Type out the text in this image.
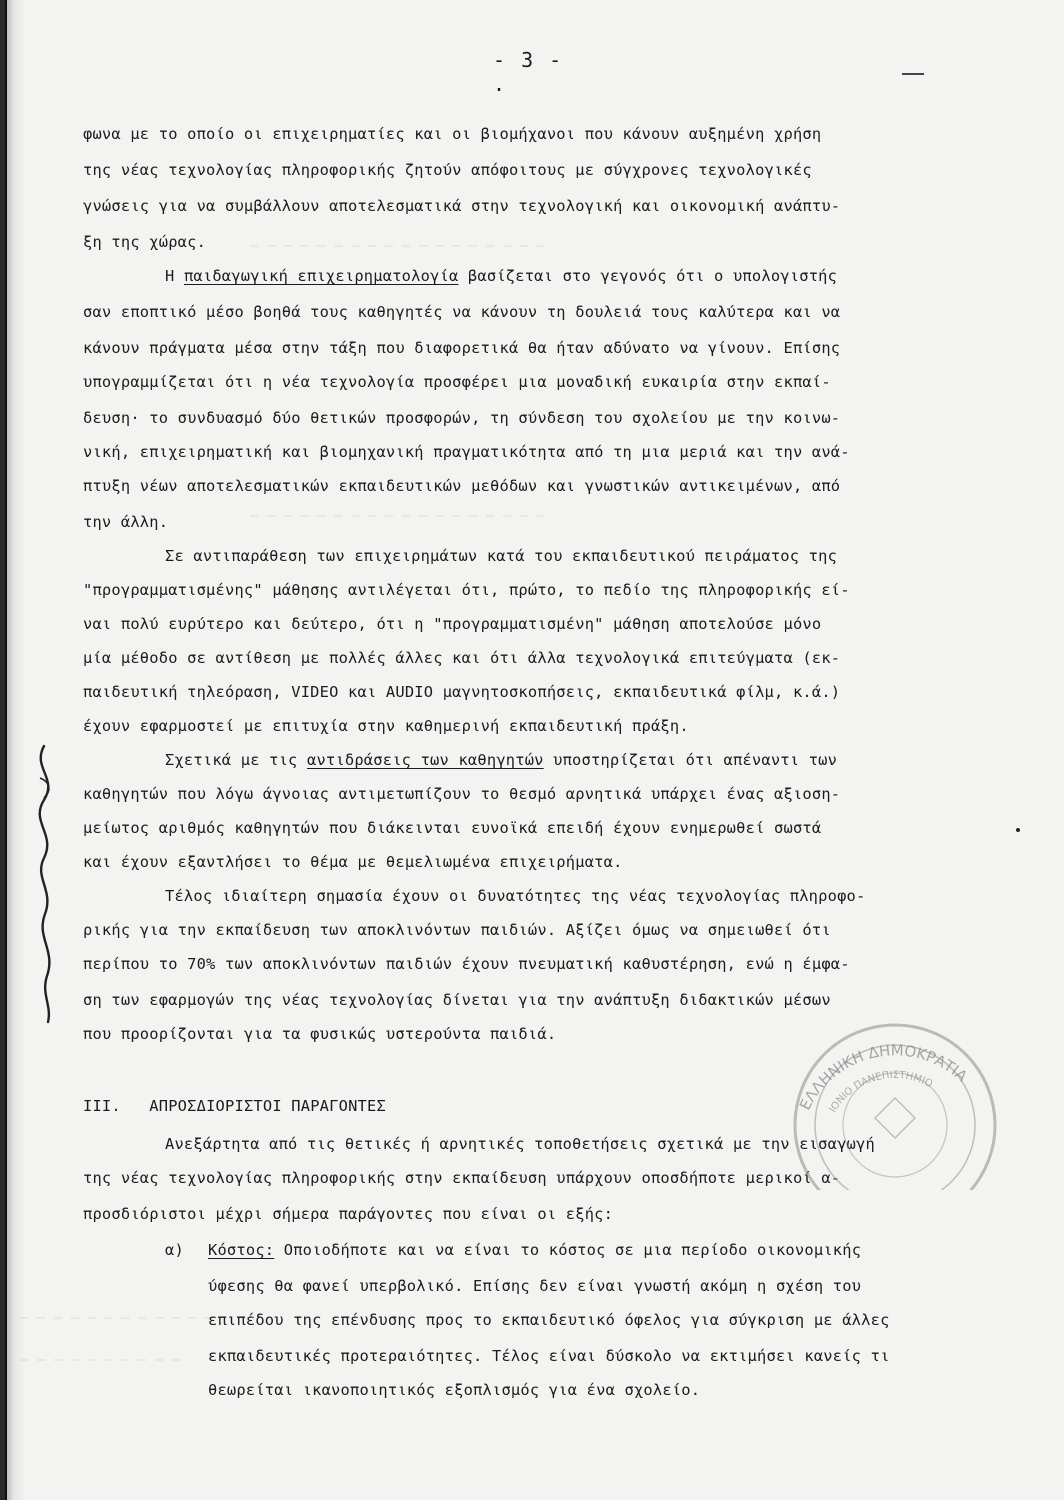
— — — — — — — — — — — — — — — — — —
— — — — — — — — — — — — — — — — — —
— — — — — — — — — — — —
— — — — — — — — — —
- 3 - .
φωνα με το οποίο οι επιχειρηματίες και οι βιομήχανοι που κάνουν αυξημένη χρήση
της νέας τεχνολογίας πληροφορικής ζητούν απόφοιτους με σύγχρονες τεχνολογικές
γνώσεις για να συμβάλλουν αποτελεσματικά στην τεχνολογική και οικονομική ανάπτυ-
ξη της χώρας.
Η παιδαγωγική επιχειρηματολογία βασίζεται στο γεγονός ότι ο υπολογιστής
σαν εποπτικό μέσο βοηθά τους καθηγητές να κάνουν τη δουλειά τους καλύτερα και να
κάνουν πράγματα μέσα στην τάξη που διαφορετικά θα ήταν αδύνατο να γίνουν. Επίσης
υπογραμμίζεται ότι η νέα τεχνολογία προσφέρει μια μοναδική ευκαιρία στην εκπαί-
δευση· το συνδυασμό δύο θετικών προσφορών, τη σύνδεση του σχολείου με την κοινω-
νική, επιχειρηματική και βιομηχανική πραγματικότητα από τη μια μεριά και την ανά-
πτυξη νέων αποτελεσματικών εκπαιδευτικών μεθόδων και γνωστικών αντικειμένων, από
την άλλη.
Σε αντιπαράθεση των επιχειρημάτων κατά του εκπαιδευτικού πειράματος της
"προγραμματισμένης" μάθησης αντιλέγεται ότι, πρώτο, το πεδίο της πληροφορικής εί-
ναι πολύ ευρύτερο και δεύτερο, ότι η "προγραμματισμένη" μάθηση αποτελούσε μόνο
μία μέθοδο σε αντίθεση με πολλές άλλες και ότι άλλα τεχνολογικά επιτεύγματα (εκ-
παιδευτική τηλεόραση, VIDEO και AUDIO μαγνητοσκοπήσεις, εκπαιδευτικά φίλμ, κ.ά.)
έχουν εφαρμοστεί με επιτυχία στην καθημερινή εκπαιδευτική πράξη.
Σχετικά με τις αντιδράσεις των καθηγητών υποστηρίζεται ότι απέναντι των
καθηγητών που λόγω άγνοιας αντιμετωπίζουν το θεσμό αρνητικά υπάρχει ένας αξιοση-
μείωτος αριθμός καθηγητών που διάκεινται ευνοϊκά επειδή έχουν ενημερωθεί σωστά
και έχουν εξαντλήσει το θέμα με θεμελιωμένα επιχειρήματα.
Τέλος ιδιαίτερη σημασία έχουν οι δυνατότητες της νέας τεχνολογίας πληροφο-
ρικής για την εκπαίδευση των αποκλινόντων παιδιών. Αξίζει όμως να σημειωθεί ότι
περίπου το 70% των αποκλινόντων παιδιών έχουν πνευματική καθυστέρηση, ενώ η έμφα-
ση των εφαρμογών της νέας τεχνολογίας δίνεται για την ανάπτυξη διδακτικών μέσων
που προορίζονται για τα φυσικώς υστερούντα παιδιά.
III. ΑΠΡΟΣΔΙΟΡΙΣΤΟΙ ΠΑΡΑΓΟΝΤΕΣ
Ανεξάρτητα από τις θετικές ή αρνητικές τοποθετήσεις σχετικά με την εισαγωγή
της νέας τεχνολογίας πληροφορικής στην εκπαίδευση υπάρχουν οποσδήποτε μερικοί α-
προσδιόριστοι μέχρι σήμερα παράγοντες που είναι οι εξής:
α) Κόστος: Οποιοδήποτε και να είναι το κόστος σε μια περίοδο οικονομικής
ύφεσης θα φανεί υπερβολικό. Επίσης δεν είναι γνωστή ακόμη η σχέση του
επιπέδου της επένδυσης προς το εκπαιδευτικό όφελος για σύγκριση με άλλες
εκπαιδευτικές προτεραιότητες. Τέλος είναι δύσκολο να εκτιμήσει κανείς τι
θεωρείται ικανοποιητικός εξοπλισμός για ένα σχολείο.
ΕΛΛΗΝΙΚΗ ΔΗΜΟΚΡΑΤΙΑ
ΙΟΝΙΟ ΠΑΝΕΠΙΣΤΗΜΙΟ
